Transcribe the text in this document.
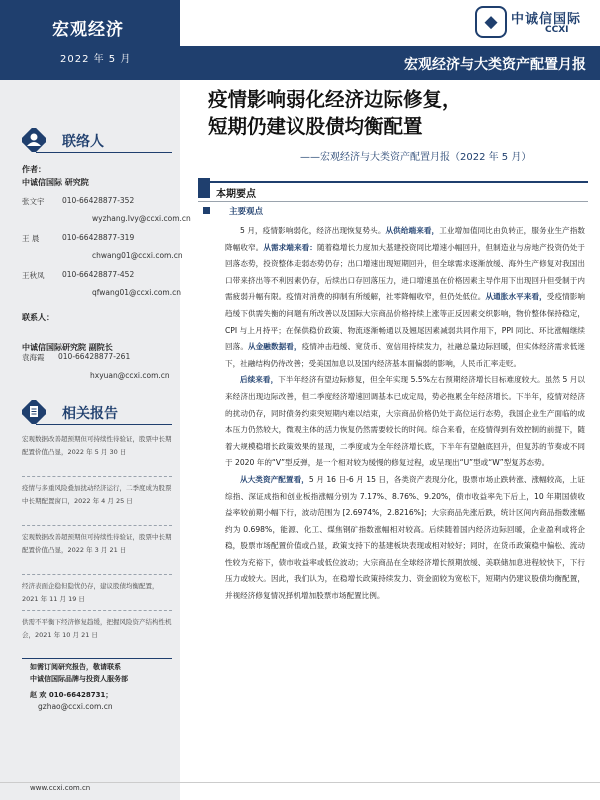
宏观经济
2022 年 5 月	宏观经济与大类资产配置月报
◆	中诚信国际
CCXI
联络人
作者：
中诚信国际 研究院
张文宇 010-66428877-352
wyzhang.Ivy@ccxi.com.cn
王 晨	010-66428877-319
chwang01@ccxi.com.cn
王秋凤 010-66428877-452
qfwang01@ccxi.com.cn
联系人：
中诚信国际研究院 副院长
袁海霞 010-66428877-261
hxyuan@ccxi.com.cn
相关报告
宏观数据改善超预期但可持续性待验证，股票中长期配置价值凸显，2022 年 5 月 30 日
疫情与多重风险叠加扰动经济运行，二季度成为股票中长期配置窗口，2022 年 4 月 25 日
宏观数据改善超预期但可持续性待验证，股票中长期配置价值凸显，2022 年 3 月 21 日
经济表面企稳但隐忧仍存，建议股债均衡配置，2021 年 11 月 19 日
供需不平衡下经济修复趋缓，把握风险资产结构性机会，2021 年 10 月 21 日
如需订阅研究报告，敬请联系
中诚信国际品牌与投资人服务部
赵 欢 010-66428731；
gzhao@ccxi.com.cn
www.ccxi.com.cn
疫情影响弱化经济边际修复，
短期仍建议股债均衡配置
——宏观经济与大类资产配置月报（2022 年 5 月）
本期要点
主要观点

5 月，疫情影响弱化，经济出现恢复势头。从供给端来看，工业增加值同比由负转正，服务业生产指数降幅收窄。从需求端来看：随着稳增长力度加大基建投资同比增速小幅回升，但制造业与房地产投资仍处于回落态势，投资整体走弱态势仍存；出口增速出现短期回升，但全球需求逐渐放缓、海外生产修复对我国出口带来挤出等不利因素仍存，后续出口存回落压力，进口增速虽在价格因素主导作用下出现回升但受制于内需疲弱升幅有限。疫情对消费的抑制有所缓解，社零降幅收窄，但仍处低位。从通胀水平来看，受疫情影响趋缓下供需失衡的问题有所改善以及国际大宗商品价格持续上涨等正反因素交织影响，物价整体保持稳定，CPI 与上月持平；在保供稳价政策、物流逐渐畅通以及翘尾因素减弱共同作用下，PPI 同比、环比涨幅继续回落。从金融数据看，疫情冲击趋缓、宽货币、宽信用持续发力，社融总量边际回暖，但实体经济需求低迷下，社融结构仍待改善；受美国加息以及国内经济基本面偏弱的影响，人民币汇率走贬。

后续来看，下半年经济有望边际修复，但全年实现 5.5%左右预期经济增长目标难度较大。虽然 5 月以来经济出现边际改善，但二季度经济增速回调基本已成定局，势必拖累全年经济增长。下半年，疫情对经济的扰动仍存，同时债务约束突短期内难以结束，大宗商品价格仍处于高位运行态势，我国企业生产面临的成本压力仍然较大，微观主体的活力恢复仍然需要较长的时间。综合来看，在疫情得到有效控制的前提下，随着大规模稳增长政策效果的显现，二季度或为全年经济增长底，下半年有望触底回升，但复苏的节奏或不同于 2020 年的“V”型反弹，是一个相对较为缓慢的修复过程，或呈现出“U”型或“W”型复苏态势。

从大类资产配置看，5 月 16 日-6 月 15 日，各类资产表现分化，股票市场止跌转涨、涨幅较高，上证综指、深证成指和创业板指涨幅分别为 7.17%、8.76%、9.20%，债市收益率先下后上，10 年期国债收益率较前期小幅下行，波动范围为 [2.6974%，2.8216%]；大宗商品先涨后跌，统计区间内商品指数涨幅约为 0.698%，能源、化工、煤焦钢矿指数涨幅相对较高。后续随着国内经济边际回暖，企业盈利或将企稳，股票市场配置价值或凸显，政策支持下的基建板块表现或相对较好；同时，在货币政策稳中偏松、流动性较为充裕下，债市收益率或低位波动；大宗商品在全球经济增长预期放缓、美联储加息进程较快下，下行压力或较大。因此，我们认为，在稳增长政策持续发力、资金面较为宽松下，短期内仍建议股债均衡配置，并视经济修复情况择机增加股票市场配置比例。
